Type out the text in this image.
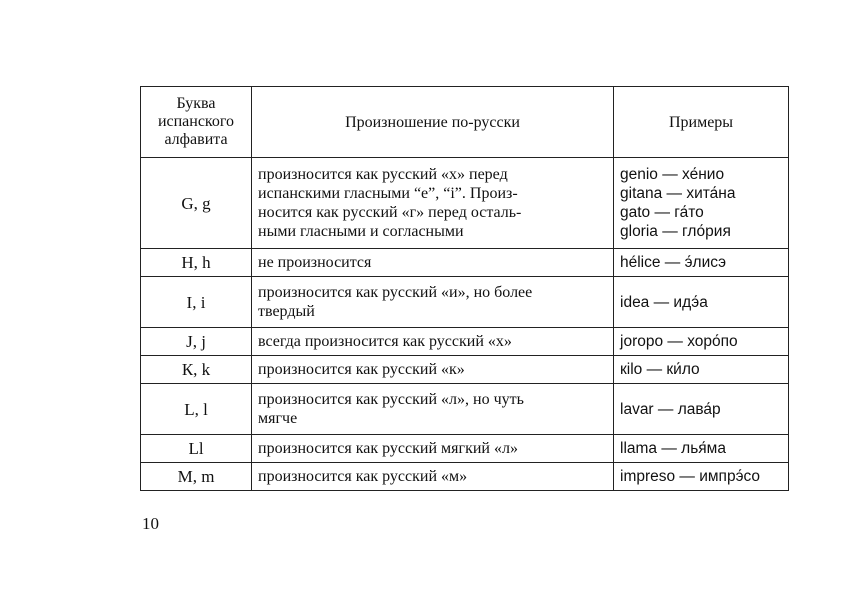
Буква
испанского
алфавита	Произношение по-русски	Примеры
G, g	произносится как русский «х» перед
испанскими гласными “e”, “i”. Произ-
носится как русский «г» перед осталь-
ными гласными и согласными	genio — хе́нио
gitana — хита́на
gato — га́то
gloria — гло́рия

H, h	не произносится	hélice — э́лисэ

I, i	произносится как русский «и», но более
твердый	idea — идэ́а

J, j	всегда произносится как русский «х»	joropo — хоро́по

К, k	произносится как русский «к»	кilo — ки́ло

L, l	произносится как русский «л», но чуть
мягче	lavar — лава́р

Ll	произносится как русский мягкий «л»	llama — лья́ма

M, m	произносится как русский «м»	impreso — импрэ́со
10
